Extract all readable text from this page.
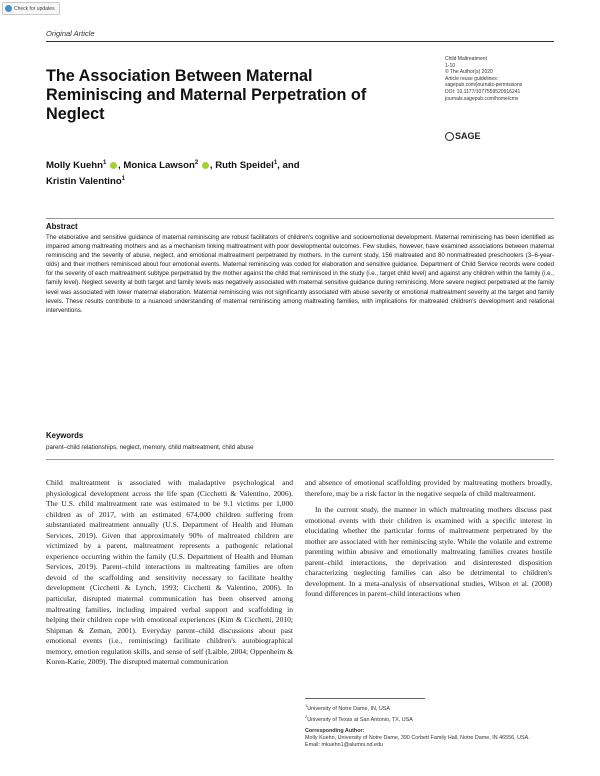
Check for updates
Original Article
The Association Between Maternal Reminiscing and Maternal Perpetration of Neglect
Child Maltreatment
1-10
© The Author(s) 2020
Article reuse guidelines:
sagepub.com/journals-permissions
DOI: 10.1177/1077559520916241
journals.sagepub.com/home/cmx
SAGE
Molly Kuehn$^1$ , Monica Lawson$^2$ , Ruth Speidel$^1$, and
Kristin Valentino$^1$
Abstract

The elaborative and sensitive guidance of maternal reminiscing are robust facilitators of children's cognitive and socioemotional development. Maternal reminiscing has been identified as impaired among maltreating mothers and as a mechanism linking maltreatment with poor developmental outcomes. Few studies, however, have examined associations between maternal reminiscing and the severity of abuse, neglect, and emotional maltreatment perpetrated by mothers. In the current study, 156 maltreated and 80 nonmaltreated preschoolers (3–6-year-olds) and their mothers reminisced about four emotional events. Maternal reminiscing was coded for elaboration and sensitive guidance. Department of Child Service records were coded for the severity of each maltreatment subtype perpetrated by the mother against the child that reminisced in the study (i.e., target child level) and against any children within the family (i.e., family level). Neglect severity at both target and family levels was negatively associated with maternal sensitive guidance during reminiscing. More severe neglect perpetrated at the family level was associated with lower maternal elaboration. Maternal reminiscing was not significantly associated with abuse severity or emotional maltreatment severity at the target and family levels. These results contribute to a nuanced understanding of maternal reminiscing among maltreating families, with implications for maltreated children's development and relational interventions.

Keywords
parent–child relationships, neglect, memory, child maltreatment, child abuse

Child maltreatment is associated with maladaptive psychological and physiological development across the life span (Cicchetti & Valentino, 2006). The U.S. child maltreatment rate was estimated to be 9.1 victims per 1,000 children as of 2017, with an estimated 674,000 children suffering from substantiated maltreatment annually (U.S. Department of Health and Human Services, 2019). Given that approximately 90% of maltreated children are victimized by a parent, maltreatment represents a pathogenic relational experience occurring within the family (U.S. Department of Health and Human Services, 2019). Parent–child interactions in maltreating families are often devoid of the scaffolding and sensitivity necessary to facilitate healthy development (Cicchetti & Lynch, 1993; Cicchetti & Valentino, 2006). In particular, disrupted maternal communication has been observed among maltreating families, including impaired verbal support and scaffolding in helping their children cope with emotional experiences (Kim & Cicchetti, 2010; Shipman & Zeman, 2001). Everyday parent–child discussions about past emotional events (i.e., reminiscing) facilitate children's autobiographical memory, emotion regulation skills, and sense of self (Laible, 2004; Oppenheim & Koren-Karie, 2009). The disrupted maternal communication

and absence of emotional scaffolding provided by maltreating mothers broadly, therefore, may be a risk factor in the negative sequela of child maltreatment.

In the current study, the manner in which maltreating mothers discuss past emotional events with their children is examined with a specific interest in elucidating whether the particular forms of maltreatment perpetrated by the mother are associated with her reminiscing style. While the volatile and extreme parenting within abusive and emotionally maltreating families creates hostile parent–child interactions, the deprivation and disinterested disposition characterizing neglecting families can also be detrimental to children's development. In a meta-analysis of observational studies, Wilson et al. (2008) found differences in parent–child interactions when

$^1$University of Notre Dame, IN, USA
$^2$University of Texas at San Antonio, TX, USA
Corresponding Author:
Molly Kuehn, University of Notre Dame, 390 Corbett Family Hall, Notre Dame, IN 46556, USA.
Email: mkuehn1@alumni.nd.edu
